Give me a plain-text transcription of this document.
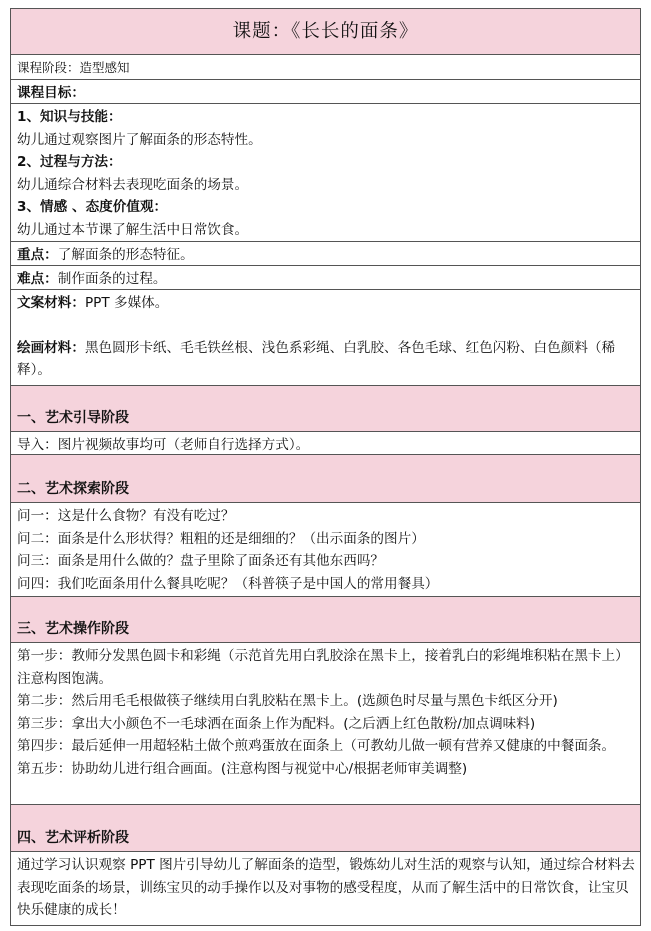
课题：《长长的面条》
课程阶段：造型感知
课程目标：
1、知识与技能：
幼儿通过观察图片了解面条的形态特性。
2、过程与方法：
幼儿通综合材料去表现吃面条的场景。
3、情感 、态度价值观：
幼儿通过本节课了解生活中日常饮食。
重点：了解面条的形态特征。
难点：制作面条的过程。
文案材料：PPT 多媒体。
绘画材料：黑色圆形卡纸、毛毛铁丝根、浅色系彩绳、白乳胶、各色毛球、红色闪粉、白色颜料（稀释）。
一、艺术引导阶段
导入：图片视频故事均可（老师自行选择方式）。
二、艺术探索阶段
问一：这是什么食物？有没有吃过？
问二：面条是什么形状得？粗粗的还是细细的？（出示面条的图片）
问三：面条是用什么做的？盘子里除了面条还有其他东西吗？
问四：我们吃面条用什么餐具吃呢？（科普筷子是中国人的常用餐具）
三、艺术操作阶段
第一步：教师分发黑色圆卡和彩绳（示范首先用白乳胶涂在黑卡上，接着乳白的彩绳堆积粘在黑卡上）注意构图饱满。
第二步：然后用毛毛根做筷子继续用白乳胶粘在黑卡上。(选颜色时尽量与黑色卡纸区分开)
第三步：拿出大小颜色不一毛球洒在面条上作为配料。(之后洒上红色散粉/加点调味料)
第四步：最后延伸一用超轻粘土做个煎鸡蛋放在面条上（可教幼儿做一顿有营养又健康的中餐面条。
第五步：协助幼儿进行组合画面。(注意构图与视觉中心/根据老师审美调整)
四、艺术评析阶段
通过学习认识观察 PPT 图片引导幼儿了解面条的造型，锻炼幼儿对生活的观察与认知，通过综合材料去表现吃面条的场景，训练宝贝的动手操作以及对事物的感受程度，从而了解生活中的日常饮食，让宝贝快乐健康的成长！
